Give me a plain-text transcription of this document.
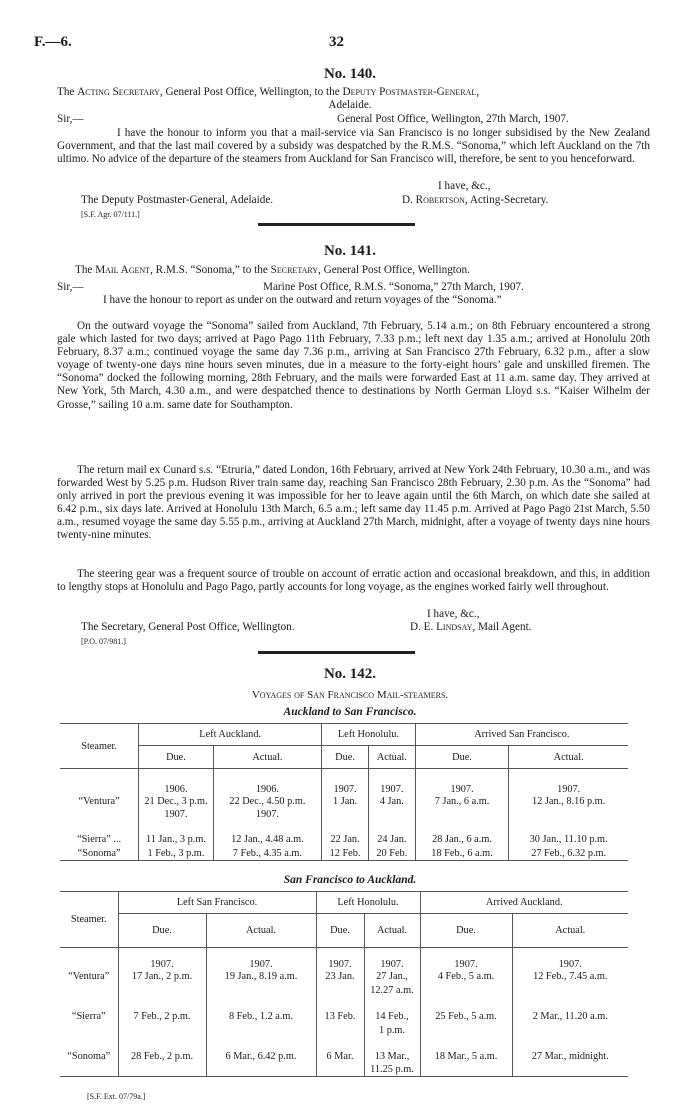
F.—6.	32
No. 140.
The Acting Secretary, General Post Office, Wellington, to the Deputy Postmaster-General,
Adelaide.
Sir,—	General Post Office, Wellington, 27th March, 1907.

I have the honour to inform you that a mail-service via San Francisco is no longer subsidised by the New Zealand Government, and that the last mail covered by a subsidy was despatched by the R.M.S. “Sonoma,” which left Auckland on the 7th ultimo. No advice of the departure of the steamers from Auckland for San Francisco will, therefore, be sent to you henceforward.

I have, &c.,
The Deputy Postmaster-General, Adelaide.	D. Robertson, Acting-Secretary.
[S.F. Agr. 07/111.]
No. 141.
The Mail Agent, R.M.S. “Sonoma,” to the Secretary, General Post Office, Wellington.
Sir,—	Marine Post Office, R.M.S. “Sonoma,” 27th March, 1907.

I have the honour to report as under on the outward and return voyages of the “Sonoma.”

On the outward voyage the “Sonoma” sailed from Auckland, 7th February, 5.14 a.m.; on 8th February encountered a strong gale which lasted for two days; arrived at Pago Pago 11th February, 7.33 p.m.; left next day 1.35 a.m.; arrived at Honolulu 20th February, 8.37 a.m.; continued voyage the same day 7.36 p.m., arriving at San Francisco 27th February, 6.32 p.m., after a slow voyage of twenty-one days nine hours seven minutes, due in a measure to the forty-eight hours’ gale and unskilled firemen. The “Sonoma” docked the following morning, 28th February, and the mails were forwarded East at 11 a.m. same day. They arrived at New York, 5th March, 4.30 a.m., and were despatched thence to destinations by North German Lloyd s.s. “Kaiser Wilhelm der Grosse,” sailing 10 a.m. same date for Southampton.

The return mail ex Cunard s.s. “Etruria,” dated London, 16th February, arrived at New York 24th February, 10.30 a.m., and was forwarded West by 5.25 p.m. Hudson River train same day, reaching San Francisco 28th February, 2.30 p.m. As the “Sonoma” had only arrived in port the previous evening it was impossible for her to leave again until the 6th March, on which date she sailed at 6.42 p.m., six days late. Arrived at Honolulu 13th March, 6.5 a.m.; left same day 11.45 p.m. Arrived at Pago Pago 21st March, 5.50 a.m., resumed voyage the same day 5.55 p.m., arriving at Auckland 27th March, midnight, after a voyage of twenty days nine hours twenty-nine minutes.

The steering gear was a frequent source of trouble on account of erratic action and occasional breakdown, and this, in addition to lengthy stops at Honolulu and Pago Pago, partly accounts for long voyage, as the engines worked fairly well throughout.

I have, &c.,
The Secretary, General Post Office, Wellington.	D. E. Lindsay, Mail Agent.
[P.O. 07/981.]
No. 142.
Voyages of San Francisco Mail-steamers.
Auckland to San Francisco.
Steamer.	Left Auckland.		Left Honolulu.		Arrived San Francisco.	
	Due.	Actual.	Due.	Actual.	Due.	Actual.
	1906.	1906.	1907.	1907.	1907.	1907.
“Ventura”	21 Dec., 3 p.m.	22 Dec., 4.50 p.m.	1 Jan.	4 Jan.	7 Jan., 6 a.m.	12 Jan., 8.16 p.m.
	1907.	1907.				

“Sierra” ...	11 Jan., 3 p.m.	12 Jan., 4.48 a.m.	22 Jan.	24 Jan.	28 Jan., 6 a.m.	30 Jan., 11.10 p.m.
“Sonoma”	1 Feb., 3 p.m.	7 Feb., 4.35 a.m.	12 Feb.	20 Feb.	18 Feb., 6 a.m.	27 Feb., 6.32 p.m.
San Francisco to Auckland.
Steamer.	Left San Francisco.		Left Honolulu.		Arrived Auckland.	
	Due.	Actual.	Due.	Actual.	Due.	Actual.
	1907.	1907.	1907.	1907.	1907.	1907.
“Ventura”	17 Jan., 2 p.m.	19 Jan., 8.19 a.m.	23 Jan.	27 Jan.,	4 Feb., 5 a.m.	12 Feb., 7.45 a.m.
				12.27 a.m.		

“Sierra”	7 Feb., 2 p.m.	8 Feb., 1.2 a.m.	13 Feb.	14 Feb.,	25 Feb., 5 a.m.	2 Mar., 11.20 a.m.
				1 p.m.		

“Sonoma”	28 Feb., 2 p.m.	6 Mar., 6.42 p.m.	6 Mar.	13 Mar.,	18 Mar., 5 a.m.	27 Mar., midnight.
				11.25 p.m.		
[S.F. Ext. 07/79a.]
